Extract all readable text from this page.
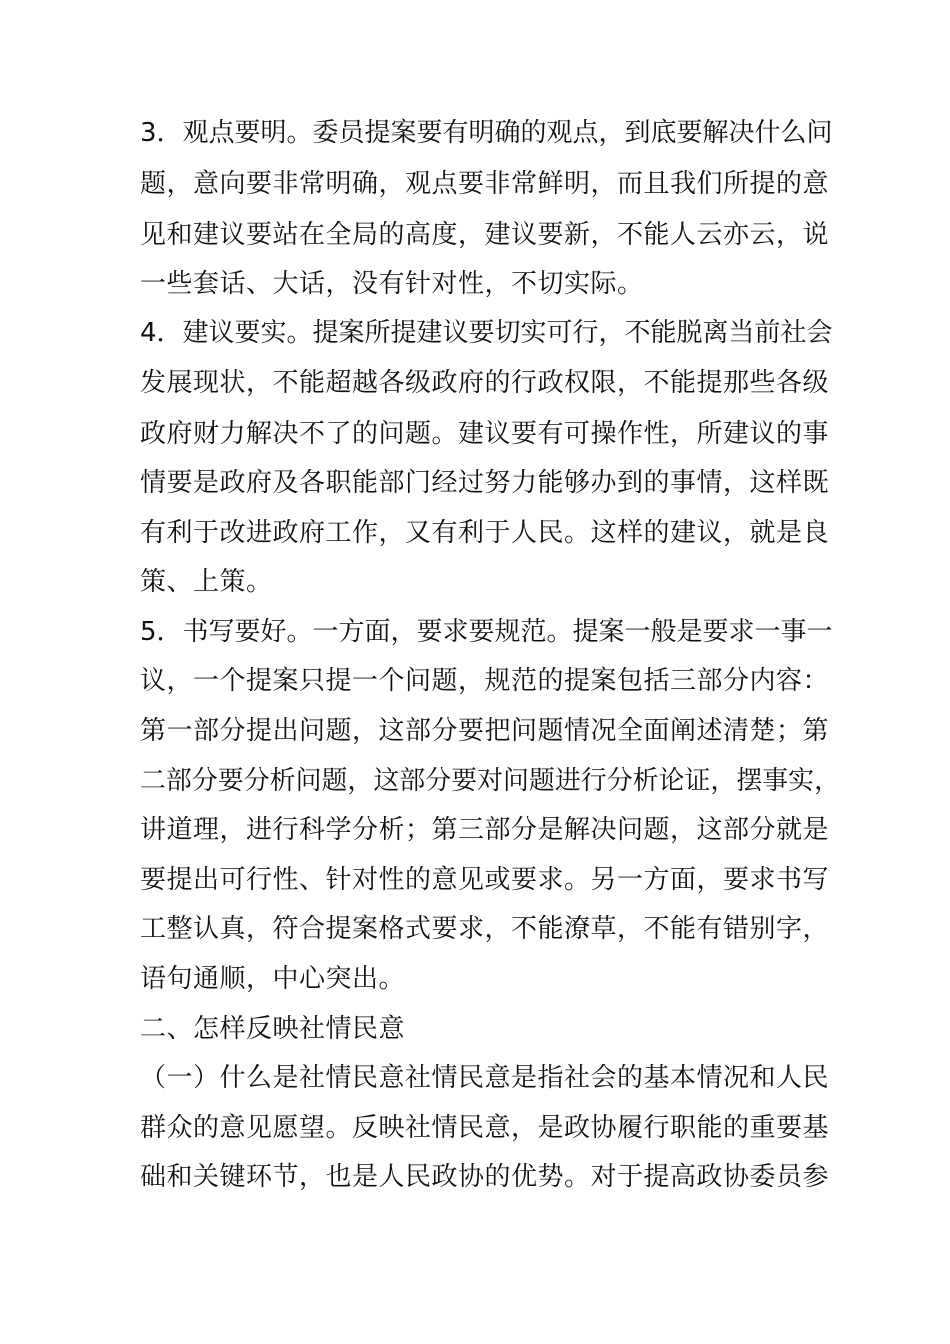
3．观点要明。委员提案要有明确的观点，到底要解决什么问
题，意向要非常明确，观点要非常鲜明，而且我们所提的意
见和建议要站在全局的高度，建议要新，不能人云亦云，说
一些套话、大话，没有针对性，不切实际。
4．建议要实。提案所提建议要切实可行，不能脱离当前社会
发展现状，不能超越各级政府的行政权限，不能提那些各级
政府财力解决不了的问题。建议要有可操作性，所建议的事
情要是政府及各职能部门经过努力能够办到的事情，这样既
有利于改进政府工作，又有利于人民。这样的建议，就是良
策、上策。
5．书写要好。一方面，要求要规范。提案一般是要求一事一
议，一个提案只提一个问题，规范的提案包括三部分内容：
第一部分提出问题，这部分要把问题情况全面阐述清楚；第
二部分要分析问题，这部分要对问题进行分析论证，摆事实，
讲道理，进行科学分析；第三部分是解决问题，这部分就是
要提出可行性、针对性的意见或要求。另一方面，要求书写
工整认真，符合提案格式要求，不能潦草，不能有错别字，
语句通顺，中心突出。
二、怎样反映社情民意
（一）什么是社情民意社情民意是指社会的基本情况和人民
群众的意见愿望。反映社情民意，是政协履行职能的重要基
础和关键环节，也是人民政协的优势。对于提高政协委员参
